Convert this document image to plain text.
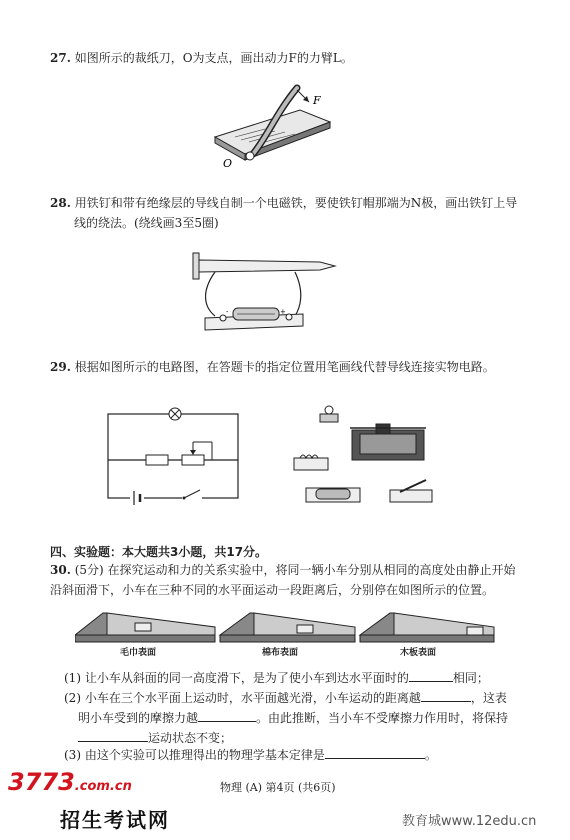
27. 如图所示的裁纸刀，O为支点，画出动力F的力臂L。
F
O
28. 用铁钉和带有绝缘层的导线自制一个电磁铁，要使铁钉帽那端为N极，画出铁钉上导
线的绕法。(绕线画3至5圈)
-	+
29. 根据如图所示的电路图，在答题卡的指定位置用笔画线代替导线连接实物电路。
四、实验题：本大题共3小题，共17分。
30. (5分) 在探究运动和力的关系实验中，将同一辆小车分别从相同的高度处由静止开始
沿斜面滑下，小车在三种不同的水平面运动一段距离后，分别停在如图所示的位置。
毛巾表面	棉布表面	木板表面
(1) 让小车从斜面的同一高度滑下，是为了使小车到达水平面时的	相同；
(2) 小车在三个水平面上运动时，水平面越光滑，小车运动的距离越	，这表
明小车受到的摩擦力越	。由此推断，当小车不受摩擦力作用时，将保持
运动状态不变；
(3) 由这个实验可以推理得出的物理学基本定律是	。
物理 (A) 第4页 (共6页)
3773.com.cn
招生考试网	教育城www.12edu.cn
